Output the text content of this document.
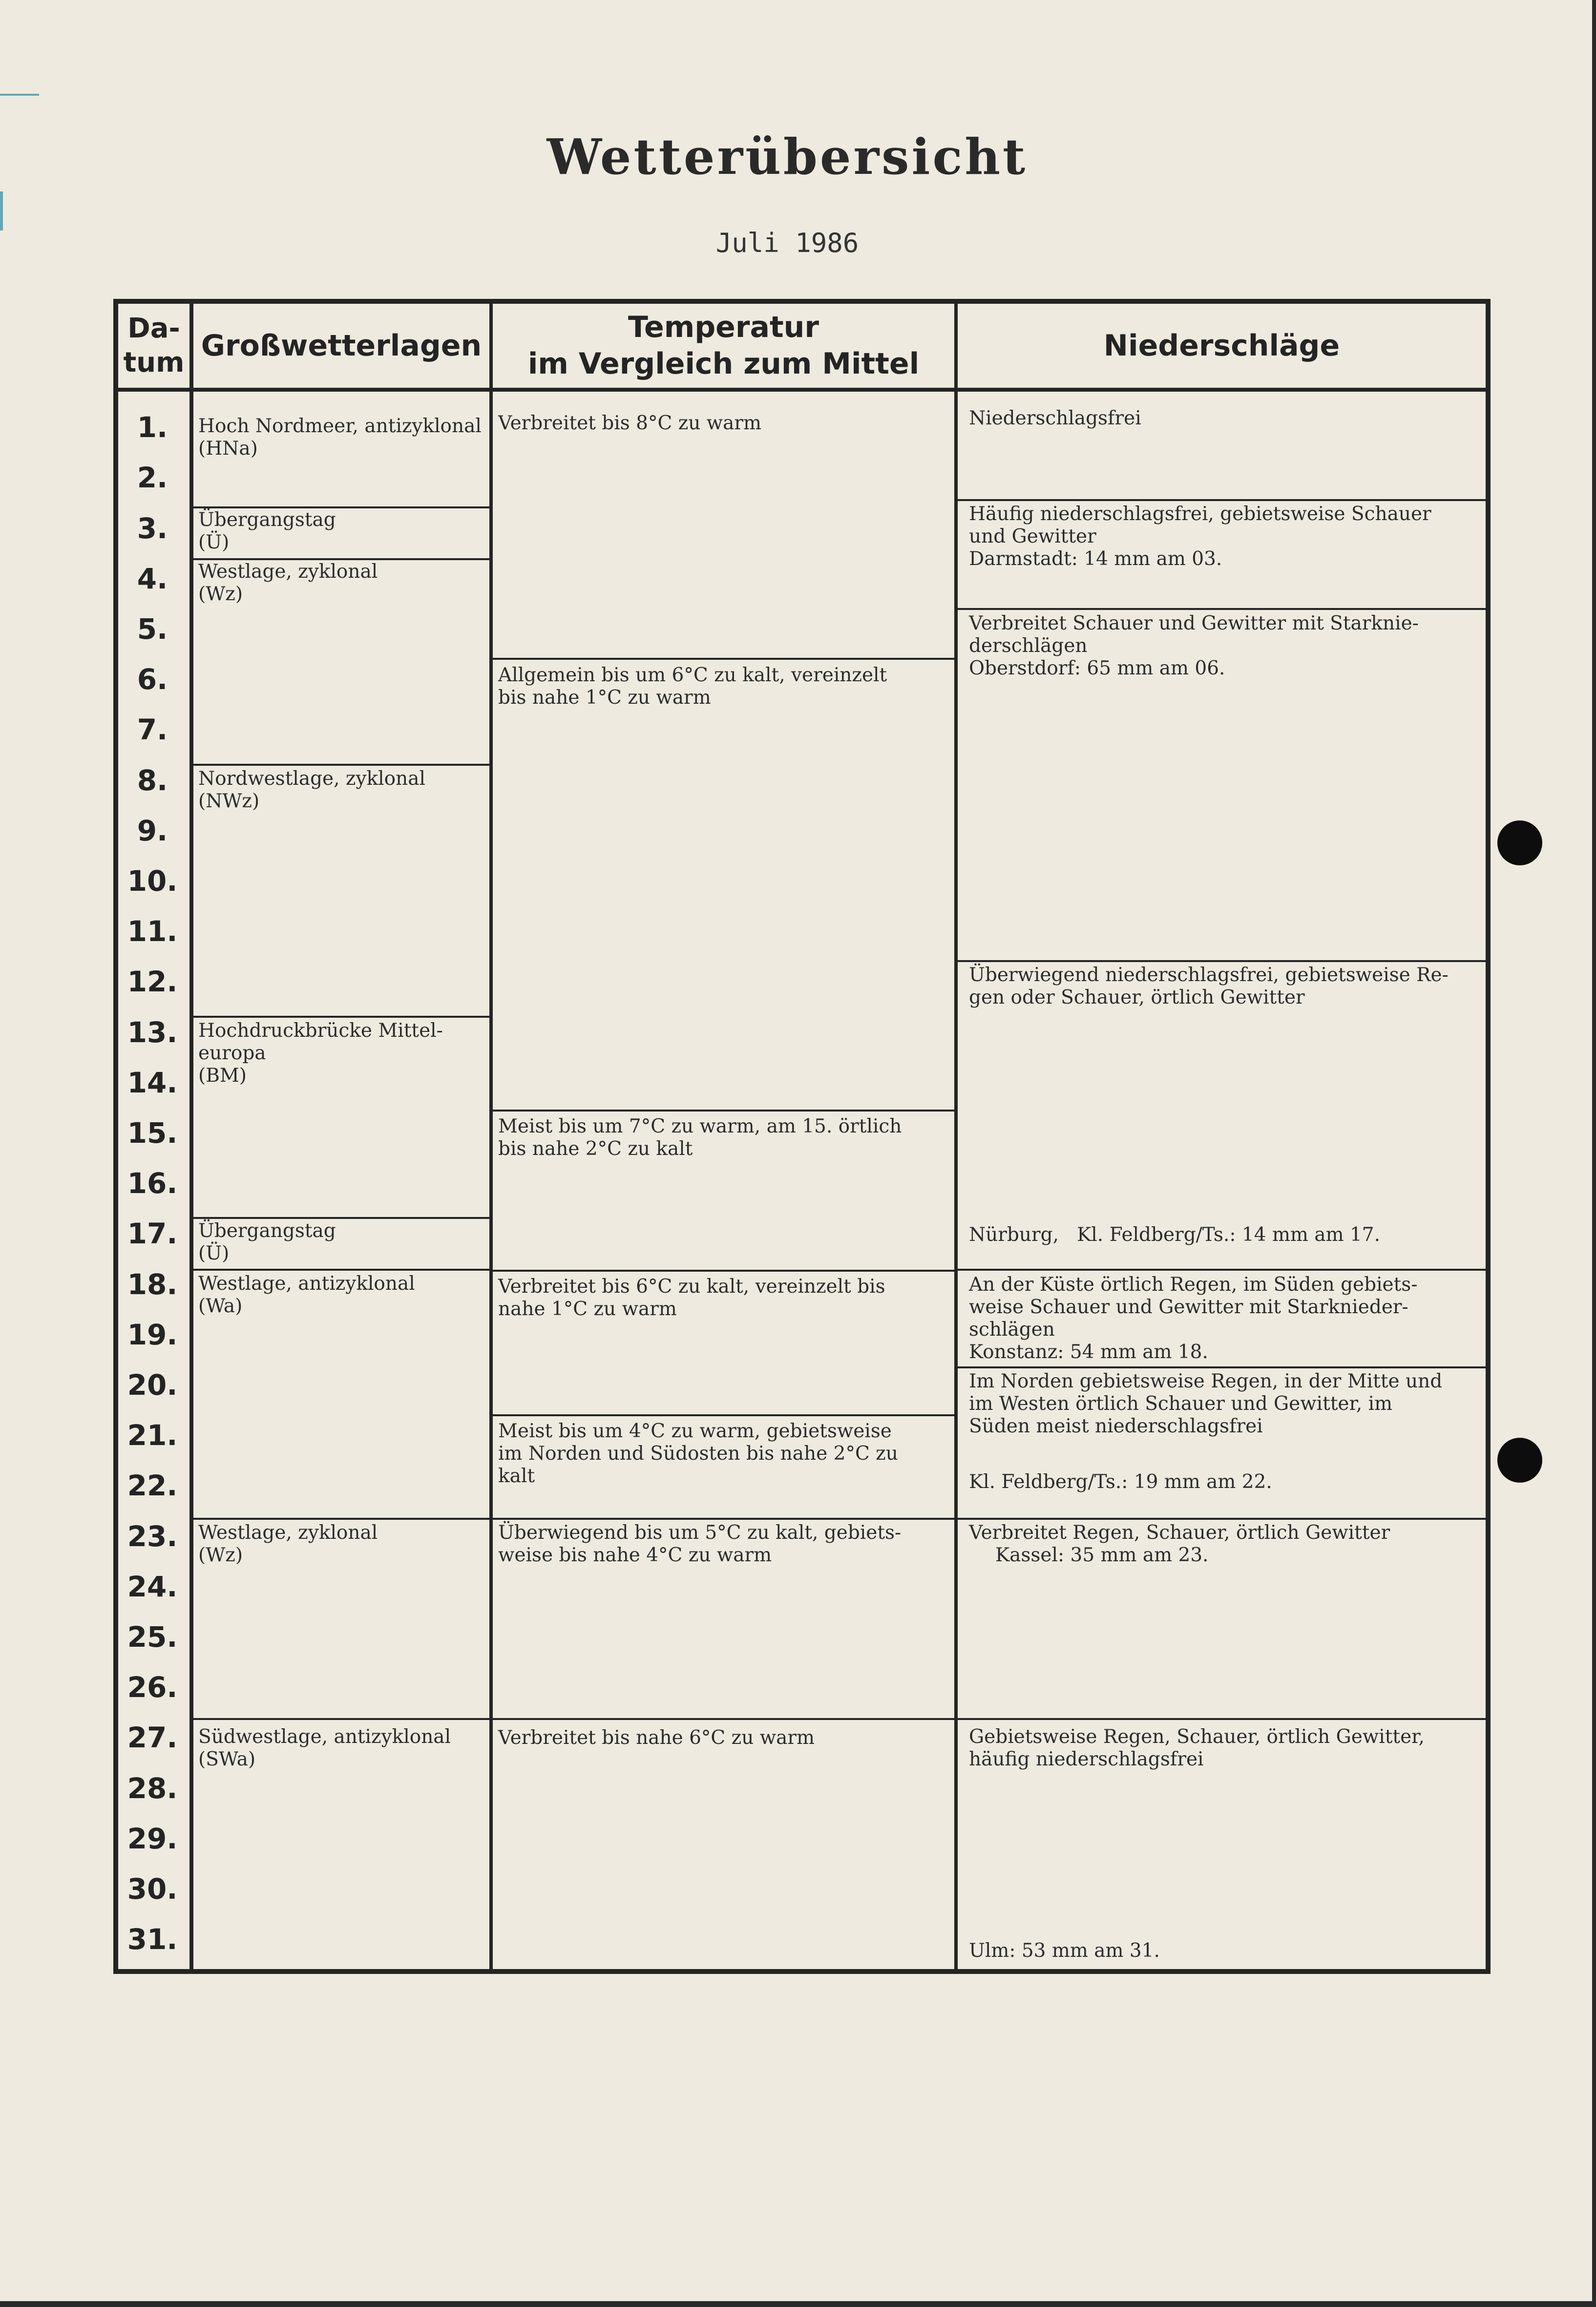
Wetterübersicht
Juli 1986
Da-
tum Großwetterlagen
Temperatur
im Vergleich zum Mittel
Niederschläge
1.
2.
3.
4.
5.
6.
7.
8.
9.
10.
11.
12.
13.
14.
15.
16.
17.
18.
19.
20.
21.
22.
23.
24.
25.
26.
27.
28.
29.
30.
31.
Hoch Nordmeer, antizyklonal
(HNa)
Übergangstag
(Ü)
Westlage, zyklonal
(Wz)
Nordwestlage, zyklonal
(NWz)
Hochdruckbrücke Mittel-
europa
(BM)
Übergangstag
(Ü)
Westlage, antizyklonal
(Wa)
Westlage, zyklonal
(Wz)
Südwestlage, antizyklonal
(SWa)
Verbreitet bis 8°C zu warm
Allgemein bis um 6°C zu kalt, vereinzelt
bis nahe 1°C zu warm
Meist bis um 7°C zu warm, am 15. örtlich
bis nahe 2°C zu kalt
Verbreitet bis 6°C zu kalt, vereinzelt bis
nahe 1°C zu warm
Meist bis um 4°C zu warm, gebietsweise
im Norden und Südosten bis nahe 2°C zu
kalt
Überwiegend bis um 5°C zu kalt, gebiets-
weise bis nahe 4°C zu warm
Verbreitet bis nahe 6°C zu warm
Niederschlagsfrei
Häufig niederschlagsfrei, gebietsweise Schauer
und Gewitter
Darmstadt: 14 mm am 03.
Verbreitet Schauer und Gewitter mit Starknie-
derschlägen
Oberstdorf: 65 mm am 06.
Überwiegend niederschlagsfrei, gebietsweise Re-
gen oder Schauer, örtlich Gewitter
Nürburg,   Kl. Feldberg/Ts.: 14 mm am 17.
An der Küste örtlich Regen, im Süden gebiets-
weise Schauer und Gewitter mit Starknieder-
schlägen
Konstanz: 54 mm am 18.
Im Norden gebietsweise Regen, in der Mitte und
im Westen örtlich Schauer und Gewitter, im
Süden meist niederschlagsfrei
Kl. Feldberg/Ts.: 19 mm am 22.
Verbreitet Regen, Schauer, örtlich Gewitter
Kassel: 35 mm am 23.
Gebietsweise Regen, Schauer, örtlich Gewitter,
häufig niederschlagsfrei
Ulm: 53 mm am 31.
